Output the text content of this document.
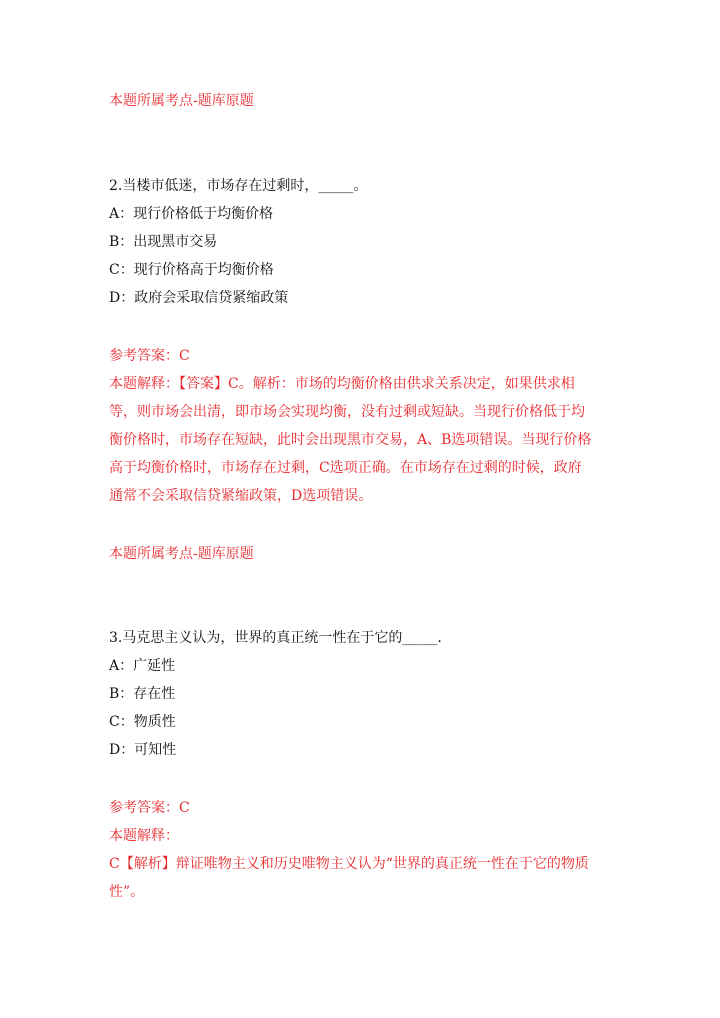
本题所属考点-题库原题
2.当楼市低迷，市场存在过剩时，_____。
A：现行价格低于均衡价格
B：出现黑市交易
C：现行价格高于均衡价格
D：政府会采取信贷紧缩政策
参考答案：C
本题解释：【答案】C。解析：市场的均衡价格由供求关系决定，如果供求相
等，则市场会出清，即市场会实现均衡，没有过剩或短缺。当现行价格低于均
衡价格时，市场存在短缺，此时会出现黑市交易，A、B选项错误。当现行价格
高于均衡价格时，市场存在过剩，C选项正确。在市场存在过剩的时候，政府
通常不会采取信贷紧缩政策，D选项错误。
本题所属考点-题库原题
3.马克思主义认为，世界的真正统一性在于它的_____.
A：广延性
B：存在性
C：物质性
D：可知性
参考答案：C
本题解释：
C【解析】辩证唯物主义和历史唯物主义认为“世界的真正统一性在于它的物质
性”。
